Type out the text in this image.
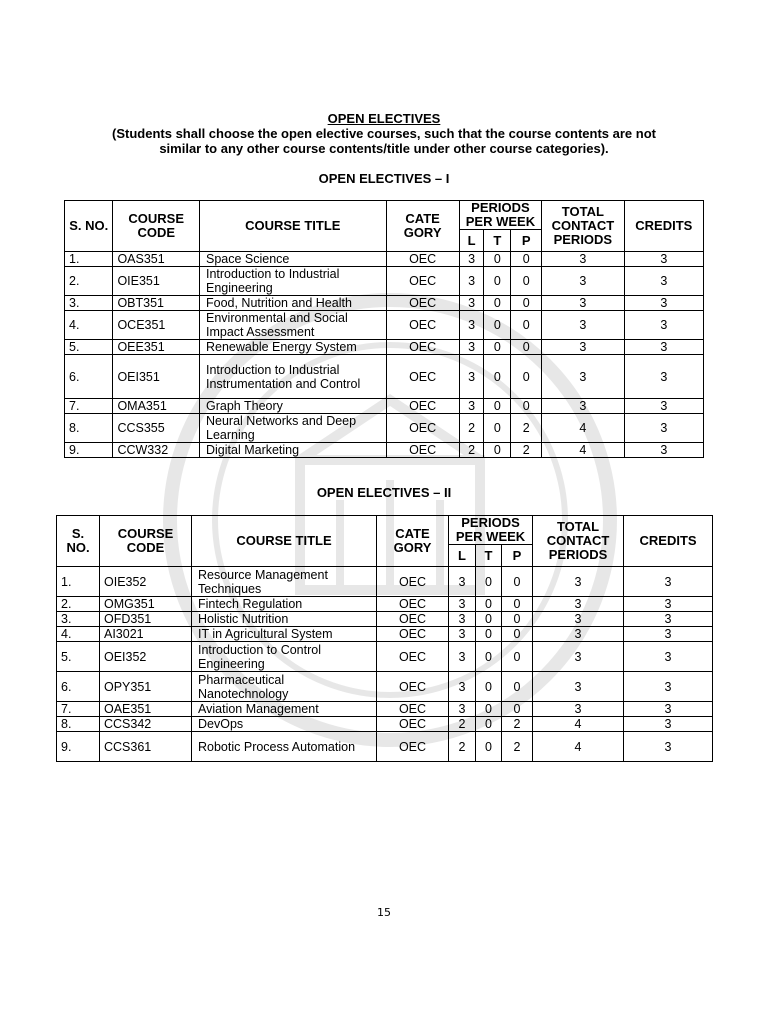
OPEN ELECTIVES
(Students shall choose the open elective courses, such that the course contents are not
similar to any other course contents/title under other course categories).
OPEN ELECTIVES – I
S. NO.	COURSE CODE	COURSE TITLE	CATE GORY	PERIODS PER WEEK			TOTAL CONTACT PERIODS	CREDITS
				L	T	P		
1.	OAS351	Space Science	OEC	3	0	0	3	3
2.	OIE351	Introduction to Industrial Engineering	OEC	3	0	0	3	3
3.	OBT351	Food, Nutrition and Health	OEC	3	0	0	3	3
4.	OCE351	Environmental and Social Impact Assessment	OEC	3	0	0	3	3
5.	OEE351	Renewable Energy System	OEC	3	0	0	3	3
6.	OEI351	Introduction to Industrial Instrumentation and Control	OEC	3	0	0	3	3
7.	OMA351	Graph Theory	OEC	3	0	0	3	3
8.	CCS355	Neural Networks and Deep Learning	OEC	2	0	2	4	3
9.	CCW332	Digital Marketing	OEC	2	0	2	4	3
OPEN ELECTIVES – II
S. NO.	COURSE CODE	COURSE TITLE	CATE GORY	PERIODS PER WEEK			TOTAL CONTACT PERIODS	CREDITS
				L	T	P		
1.	OIE352	Resource Management Techniques	OEC	3	0	0	3	3
2.	OMG351	Fintech Regulation	OEC	3	0	0	3	3
3.	OFD351	Holistic Nutrition	OEC	3	0	0	3	3
4.	AI3021	IT in Agricultural System	OEC	3	0	0	3	3
5.	OEI352	Introduction to Control Engineering	OEC	3	0	0	3	3
6.	OPY351	Pharmaceutical Nanotechnology	OEC	3	0	0	3	3
7.	OAE351	Aviation Management	OEC	3	0	0	3	3
8.	CCS342	DevOps	OEC	2	0	2	4	3
9.	CCS361	Robotic Process Automation	OEC	2	0	2	4	3
15
